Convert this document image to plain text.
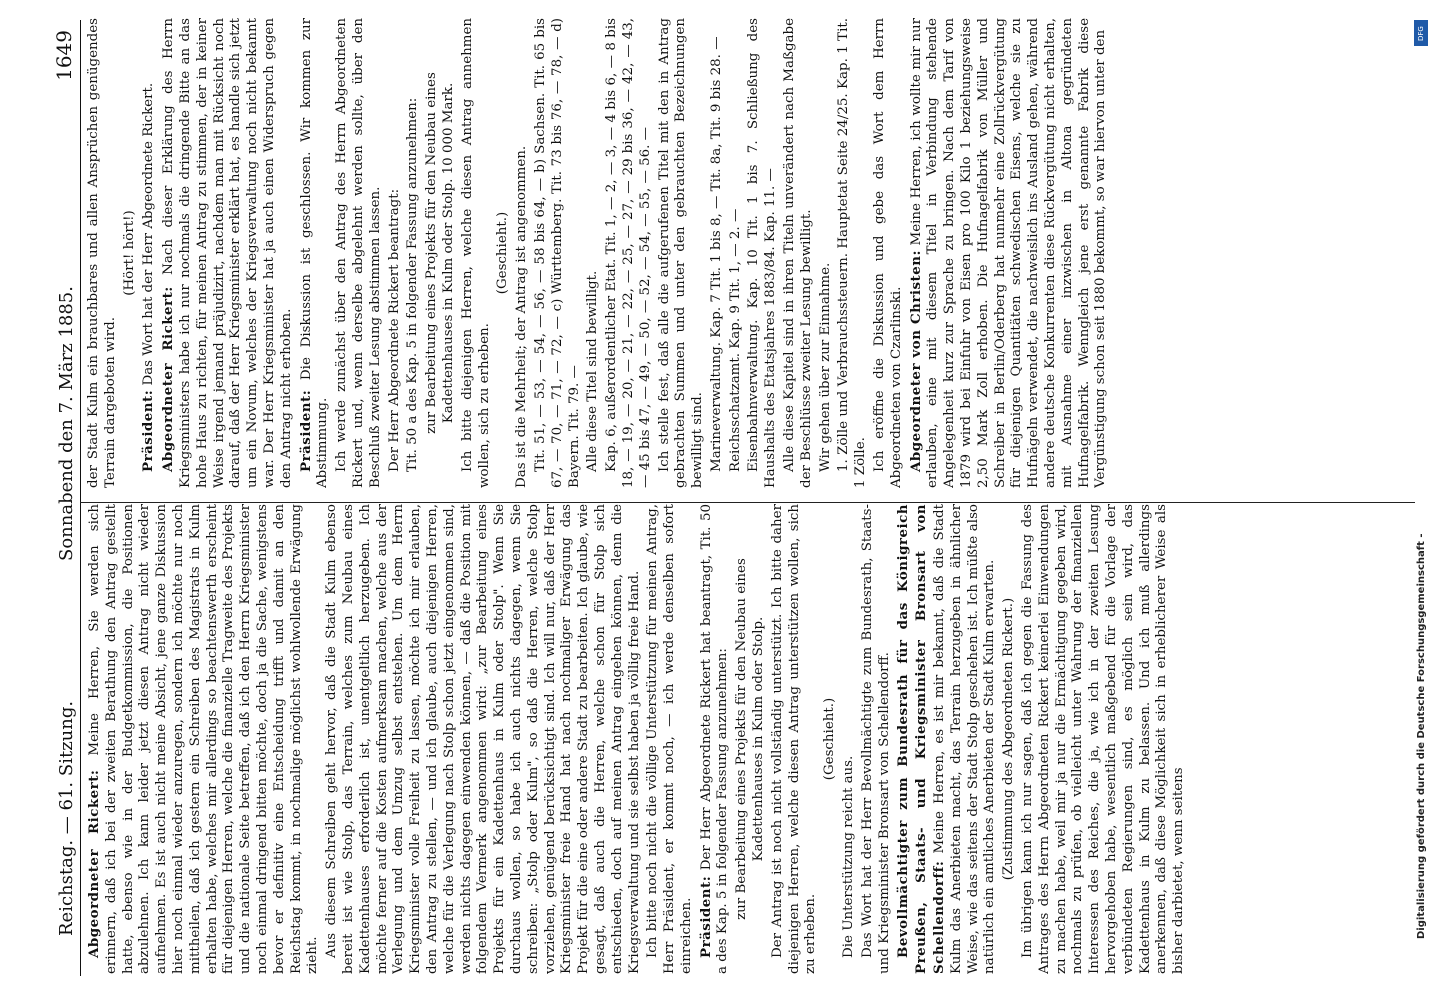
Reichstag. — 61. Sitzung.
Sonnabend den 7. März 1885.
1649

Abgeordneter Rickert: Meine Herren, Sie werden sich erinnern, daß ich bei der zweiten Berathung den Antrag gestellt hatte, ebenso wie in der Budgetkommission, die Positionen abzulehnen. Ich kann leider jetzt diesen Antrag nicht wieder aufnehmen. Es ist auch nicht meine Absicht, jene ganze Diskussion hier noch einmal wieder anzuregen, sondern ich möchte nur noch mittheilen, daß ich gestern ein Schreiben des Magistrats in Kulm erhalten habe, welches mir allerdings so beachtenswerth erscheint für diejenigen Herren, welche die finanzielle Tragweite des Projekts und die nationale Seite betreffen, daß ich den Herrn Kriegsminister noch einmal dringend bitten möchte, doch ja die Sache, wenigstens bevor er definitiv eine Entscheidung trifft und damit an den Reichstag kommt, in nochmalige möglichst wohlwollende Erwägung zieht. Aus diesem Schreiben geht hervor, daß die Stadt Kulm ebenso bereit ist wie Stolp, das Terrain, welches zum Neubau eines Kadettenhauses erforderlich ist, unentgeltlich herzugeben. Ich möchte ferner auf die Kosten aufmerksam machen, welche aus der Verlegung und dem Umzug selbst entstehen. Um dem Herrn Kriegsminister volle Freiheit zu lassen, möchte ich mir erlauben, den Antrag zu stellen, — und ich glaube, auch diejenigen Herren, welche für die Verlegung nach Stolp schon jetzt eingenommen sind, werden nichts dagegen einwenden können, — daß die Position mit folgendem Vermerk angenommen wird: „zur Bearbeitung eines Projekts für ein Kadettenhaus in Kulm oder Stolp". Wenn Sie durchaus wollen, so habe ich auch nichts dagegen, wenn Sie schreiben: „Stolp oder Kulm", so daß die Herren, welche Stolp vorziehen, genügend berücksichtigt sind. Ich will nur, daß der Herr Kriegsminister freie Hand hat nach nochmaliger Erwägung das Projekt für die eine oder andere Stadt zu bearbeiten. Ich glaube, wie gesagt, daß auch die Herren, welche schon für Stolp sich entschieden, doch auf meinen Antrag eingehen können, denn die Kriegsverwaltung und sie selbst haben ja völlig freie Hand. Ich bitte noch nicht die völlige Unterstützung für meinen Antrag, Herr Präsident, er kommt noch, — ich werde denselben sofort einreichen. Präsident: Der Herr Abgeordnete Rickert hat beantragt, Tit. 50 a des Kap. 5 in folgender Fassung anzunehmen: zur Bearbeitung eines Projekts für den Neubau eines Kadettenhauses in Kulm oder Stolp. Der Antrag ist noch nicht vollständig unterstützt. Ich bitte daher diejenigen Herren, welche diesen Antrag unterstützen wollen, sich zu erheben.

(Geschieht.)

Die Unterstützung reicht aus. Das Wort hat der Herr Bevollmächtigte zum Bundesrath, Staats- und Kriegsminister Bronsart von Schellendorff. Bevollmächtigter zum Bundesrath für das Königreich Preußen, Staats- und Kriegsminister Bronsart von Schellendorff: Meine Herren, es ist mir bekannt, daß die Stadt Kulm das Anerbieten macht, das Terrain herzugeben in ähnlicher Weise, wie das seitens der Stadt Stolp geschehen ist. Ich müßte also natürlich ein amtliches Anerbieten der Stadt Kulm erwarten. (Zustimmung des Abgeordneten Rickert.) Im übrigen kann ich nur sagen, daß ich gegen die Fassung des Antrages des Herrn Abgeordneten Rickert keinerlei Einwendungen zu machen habe, weil mir ja nur die Ermächtigung gegeben wird, nochmals zu prüfen, ob vielleicht unter Wahrung der finanziellen Interessen des Reiches, die ja, wie ich in der zweiten Lesung hervorgehoben habe, wesentlich maßgebend für die Vorlage der verbündeten Regierungen sind, es möglich sein wird, das Kadettenhaus in Kulm zu belassen. Und ich muß allerdings anerkennen, daß diese Möglichkeit sich in erheblicherer Weise als bisher darbietet, wenn seitens

der Stadt Kulm ein brauchbares und allen Ansprüchen genügendes Terrain dargeboten wird.

(Hört! hört!)

Präsident: Das Wort hat der Herr Abgeordnete Rickert. Abgeordneter Rickert: Nach dieser Erklärung des Herrn Kriegsministers habe ich nur nochmals die dringende Bitte an das hohe Haus zu richten, für meinen Antrag zu stimmen, der in keiner Weise irgend jemand präjudizirt, nachdem man mit Rücksicht noch darauf, daß der Herr Kriegsminister erklärt hat, es handle sich jetzt um ein Novum, welches der Kriegsverwaltung noch nicht bekannt war. Der Herr Kriegsminister hat ja auch einen Widerspruch gegen den Antrag nicht erhoben. Präsident: Die Diskussion ist geschlossen. Wir kommen zur Abstimmung. Ich werde zunächst über den Antrag des Herrn Abgeordneten Rickert und, wenn derselbe abgelehnt werden sollte, über den Beschluß zweiter Lesung abstimmen lassen. Der Herr Abgeordnete Rickert beantragt: Tit. 50 a des Kap. 5 in folgender Fassung anzunehmen: zur Bearbeitung eines Projekts für den Neubau eines Kadettenhauses in Kulm oder Stolp. 10 000 Mark. Ich bitte diejenigen Herren, welche diesen Antrag annehmen wollen, sich zu erheben.

(Geschieht.) Das ist die Mehrheit; der Antrag ist angenommen. Tit. 51, — 53, — 54, — 56, — 58 bis 64, — b) Sachsen. Tit. 65 bis 67, — 70, — 71, — 72, — c) Württemberg. Tit. 73 bis 76, — 78, — d) Bayern. Tit. 79. — Alle diese Titel sind bewilligt. Kap. 6, außerordentlicher Etat. Tit. 1, — 2, — 3, — 4 bis 6, — 8 bis 18, — 19, — 20, — 21, — 22, — 25, — 27, — 29 bis 36, — 42, — 43, — 45 bis 47, — 49, — 50, — 52, — 54, — 55, — 56. — Ich stelle fest, daß alle die aufgerufenen Titel mit den in Antrag gebrachten Summen und unter den gebrauchten Bezeichnungen bewilligt sind. Marineverwaltung. Kap. 7 Tit. 1 bis 8, — Tit. 8a, Tit. 9 bis 28. — Reichsschatzamt. Kap. 9 Tit. 1, — 2. — Eisenbahnverwaltung. Kap. 10 Tit. 1 bis 7. Schließung des Haushalts des Etatsjahres 1883/84. Kap. 11. — Alle diese Kapitel sind in ihren Titeln unverändert nach Maßgabe der Beschlüsse zweiter Lesung bewilligt. Wir gehen über zur Einnahme. 1. Zölle und Verbrauchssteuern. Hauptetat Seite 24/25. Kap. 1 Tit. 1 Zölle. Ich eröffne die Diskussion und gebe das Wort dem Herrn Abgeordneten von Czarlinski. Abgeordneter von Christen: Meine Herren, ich wollte mir nur erlauben, eine mit diesem Titel in Verbindung stehende Angelegenheit kurz zur Sprache zu bringen. Nach dem Tarif von 1879 wird bei Einfuhr von Eisen pro 100 Kilo 1 beziehungsweise 2,50 Mark Zoll erhoben. Die Hufnagelfabrik von Müller und Schreiber in Berlin/Oderberg hat nunmehr eine Zollrückvergütung für diejenigen Quantitäten schwedischen Eisens, welche sie zu Hufnägeln verwendet, die nachweislich ins Ausland gehen, während andere deutsche Konkurrenten diese Rückvergütung nicht erhalten, mit Ausnahme einer inzwischen in Altona gegründeten Hufnagelfabrik. Wenngleich jene erst genannte Fabrik diese Vergünstigung schon seit 1880 bekommt, so war hiervon unter den	DFG
Digitalisierung gefördert durch die Deutsche Forschungsgemeinschaft -
